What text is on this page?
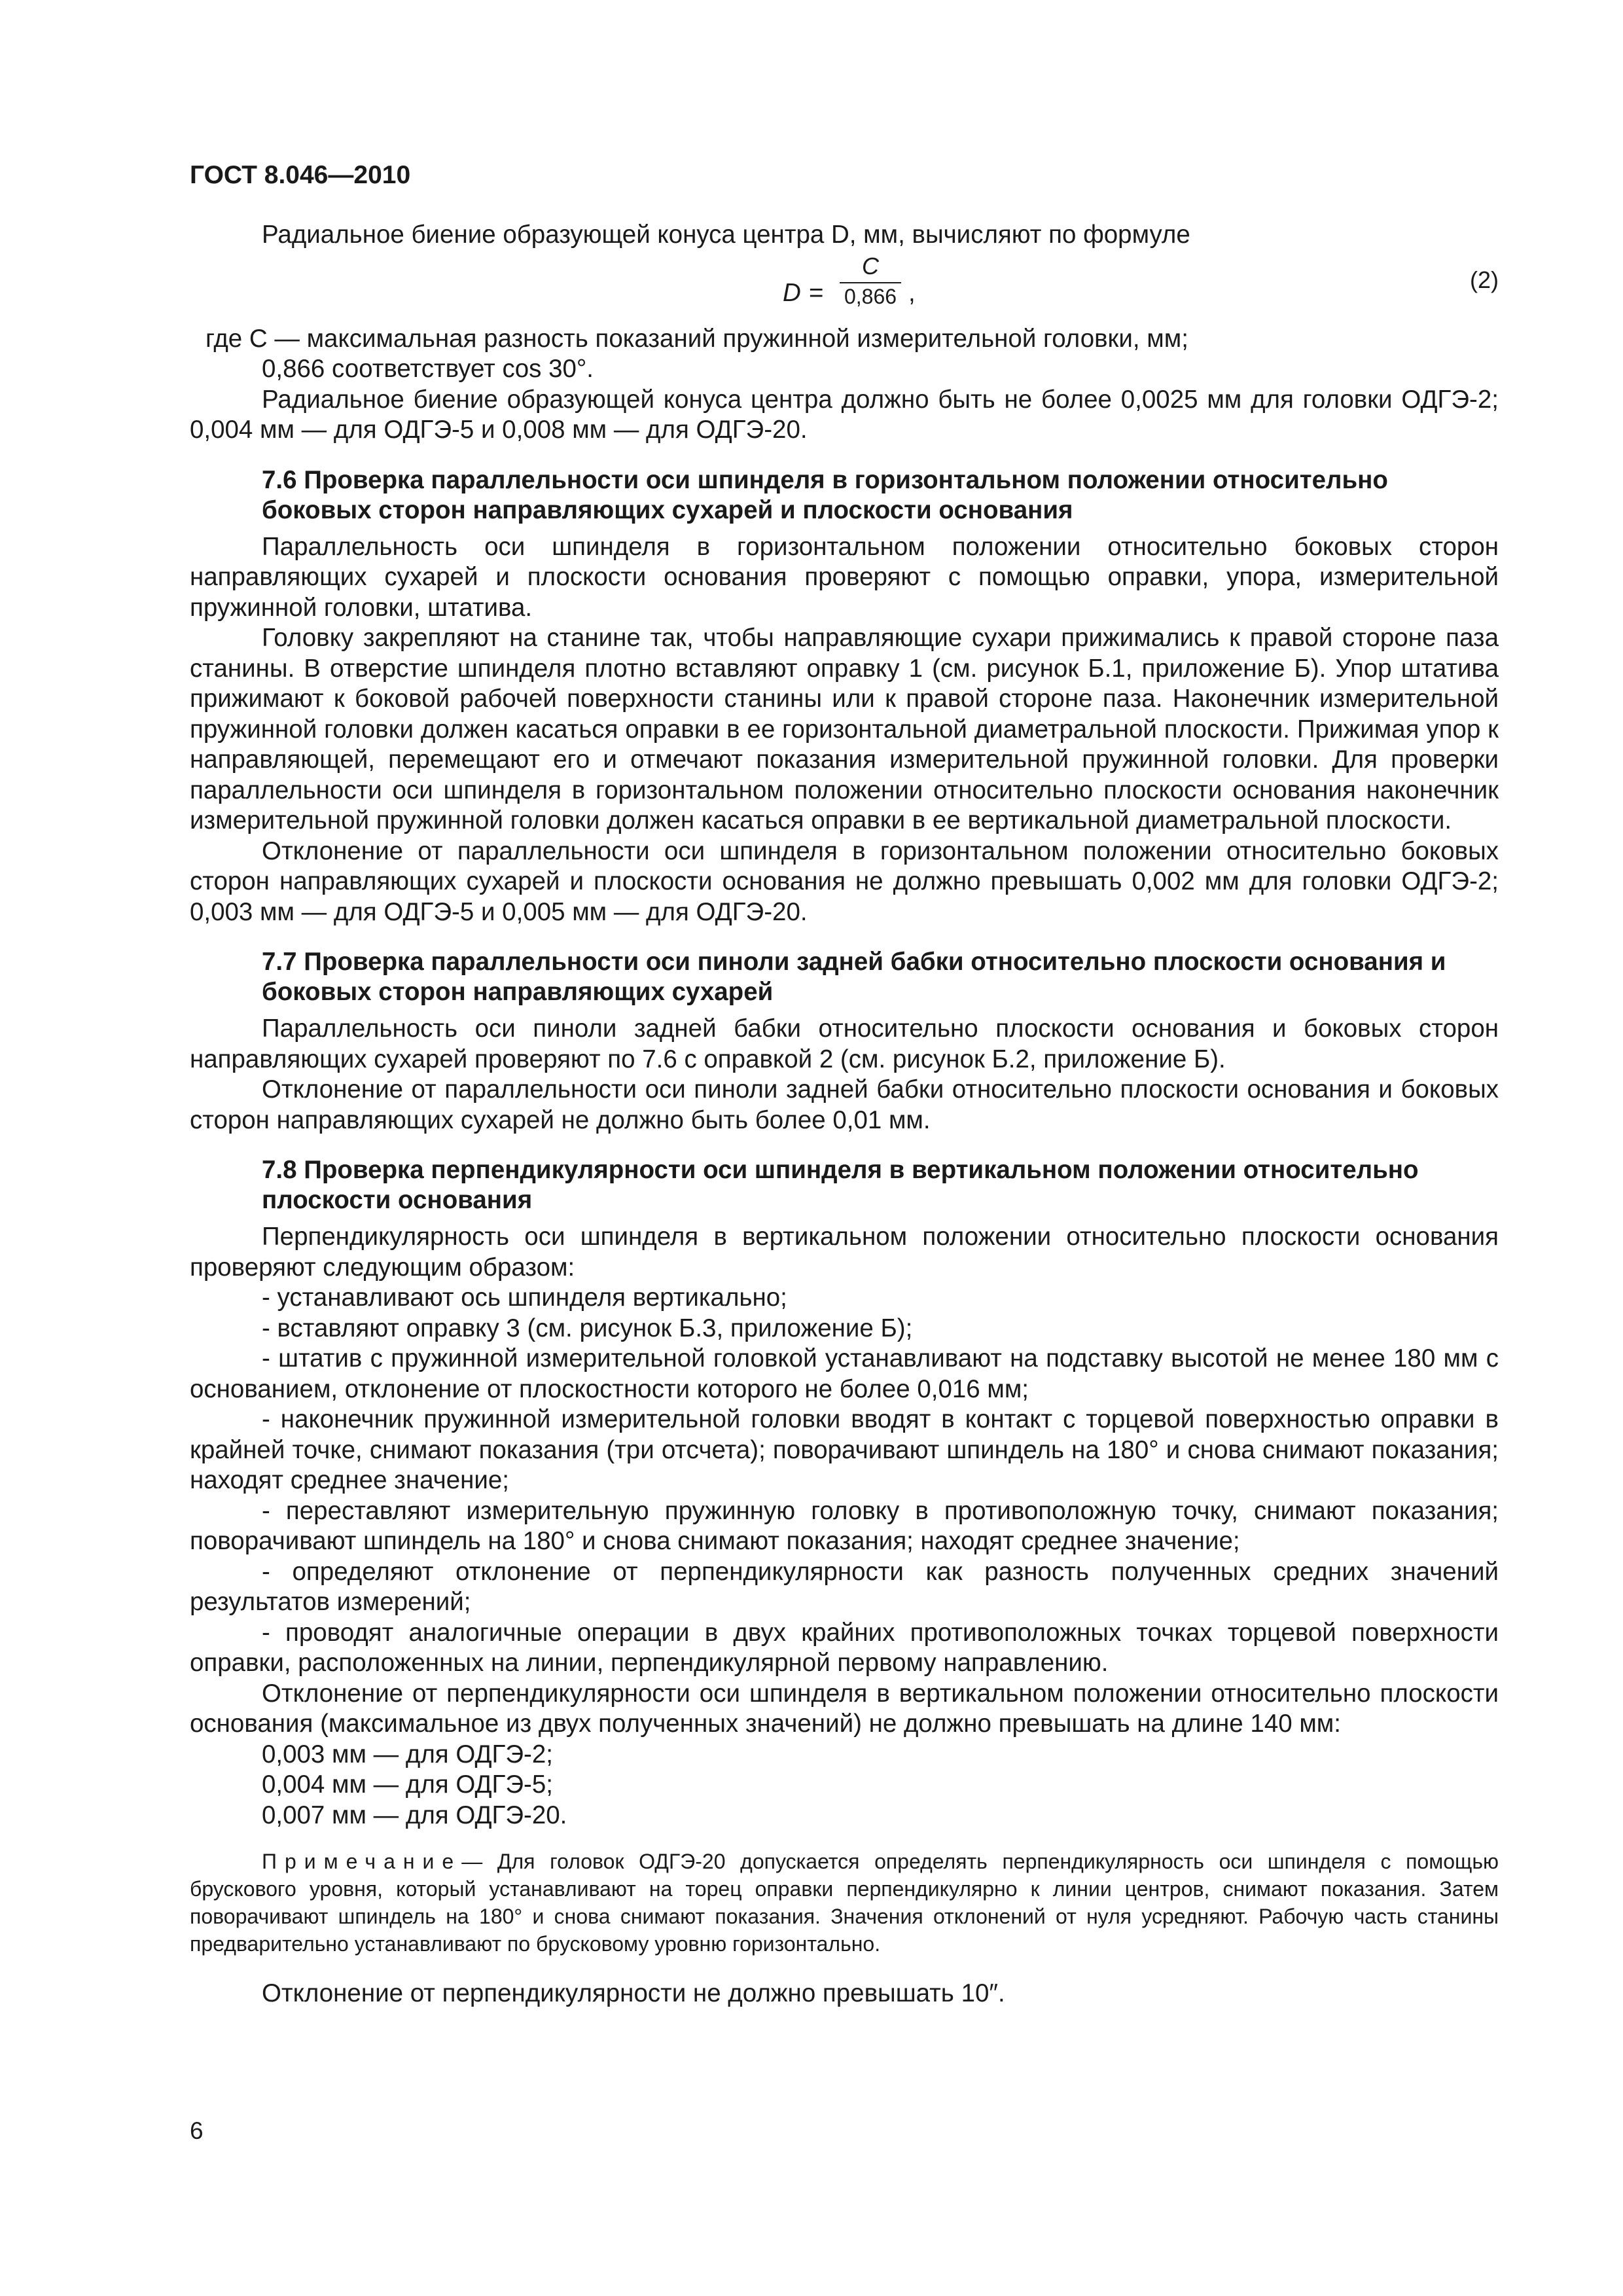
ГОСТ 8.046—2010

Радиальное биение образующей конуса центра D, мм, вычисляют по формуле

D =
C
0,866 ,	(2)

где C — максимальная разность показаний пружинной измерительной головки, мм;

0,866 соответствует cos 30°.

Радиальное биение образующей конуса центра должно быть не более 0,0025 мм для головки ОДГЭ-2; 0,004 мм — для ОДГЭ-5 и 0,008 мм — для ОДГЭ-20.

7.6 Проверка параллельности оси шпинделя в горизонтальном положении относительно боковых сторон направляющих сухарей и плоскости основания

Параллельность оси шпинделя в горизонтальном положении относительно боковых сторон направляющих сухарей и плоскости основания проверяют с помощью оправки, упора, измерительной пружинной головки, штатива.

Головку закрепляют на станине так, чтобы направляющие сухари прижимались к правой стороне паза станины. В отверстие шпинделя плотно вставляют оправку 1 (см. рисунок Б.1, приложение Б). Упор штатива прижимают к боковой рабочей поверхности станины или к правой стороне паза. Наконечник измерительной пружинной головки должен касаться оправки в ее горизонтальной диаметральной плоскости. Прижимая упор к направляющей, перемещают его и отмечают показания измерительной пружинной головки. Для проверки параллельности оси шпинделя в горизонтальном положении относительно плоскости основания наконечник измерительной пружинной головки должен касаться оправки в ее вертикальной диаметральной плоскости.

Отклонение от параллельности оси шпинделя в горизонтальном положении относительно боковых сторон направляющих сухарей и плоскости основания не должно превышать 0,002 мм для головки ОДГЭ-2; 0,003 мм — для ОДГЭ-5 и 0,005 мм — для ОДГЭ-20.

7.7 Проверка параллельности оси пиноли задней бабки относительно плоскости основания и боковых сторон направляющих сухарей

Параллельность оси пиноли задней бабки относительно плоскости основания и боковых сторон направляющих сухарей проверяют по 7.6 с оправкой 2 (см. рисунок Б.2, приложение Б).

Отклонение от параллельности оси пиноли задней бабки относительно плоскости основания и боковых сторон направляющих сухарей не должно быть более 0,01 мм.

7.8 Проверка перпендикулярности оси шпинделя в вертикальном положении относительно плоскости основания

Перпендикулярность оси шпинделя в вертикальном положении относительно плоскости основания проверяют следующим образом:

- устанавливают ось шпинделя вертикально;

- вставляют оправку 3 (см. рисунок Б.3, приложение Б);

- штатив с пружинной измерительной головкой устанавливают на подставку высотой не менее 180 мм с основанием, отклонение от плоскостности которого не более 0,016 мм;

- наконечник пружинной измерительной головки вводят в контакт с торцевой поверхностью оправки в крайней точке, снимают показания (три отсчета); поворачивают шпиндель на 180° и снова снимают показания; находят среднее значение;

- переставляют измерительную пружинную головку в противоположную точку, снимают показания; поворачивают шпиндель на 180° и снова снимают показания; находят среднее значение;

- определяют отклонение от перпендикулярности как разность полученных средних значений результатов измерений;

- проводят аналогичные операции в двух крайних противоположных точках торцевой поверхности оправки, расположенных на линии, перпендикулярной первому направлению.

Отклонение от перпендикулярности оси шпинделя в вертикальном положении относительно плоскости основания (максимальное из двух полученных значений) не должно превышать на длине 140 мм:

0,003 мм — для ОДГЭ-2;

0,004 мм — для ОДГЭ-5;

0,007 мм — для ОДГЭ-20.

Примечание— Для головок ОДГЭ-20 допускается определять перпендикулярность оси шпинделя с помощью брускового уровня, который устанавливают на торец оправки перпендикулярно к линии центров, снимают показания. Затем поворачивают шпиндель на 180° и снова снимают показания. Значения отклонений от нуля усредняют. Рабочую часть станины предварительно устанавливают по брусковому уровню горизонтально.

Отклонение от перпендикулярности не должно превышать 10″.

6
